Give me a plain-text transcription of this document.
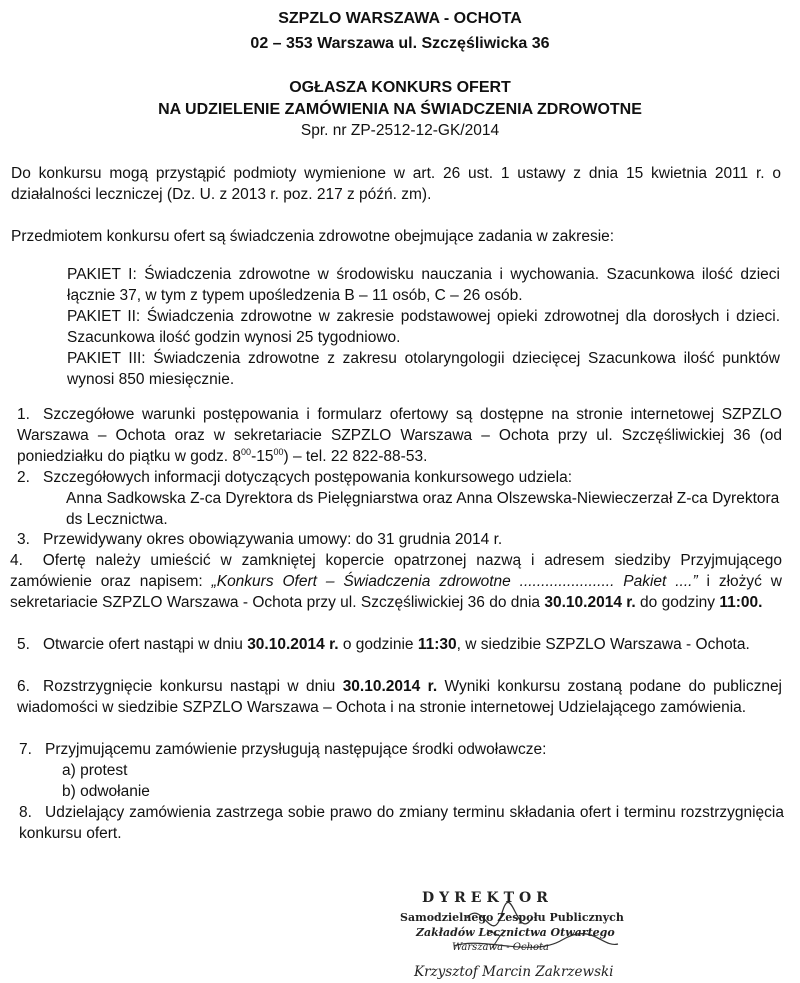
SZPZLO WARSZAWA - OCHOTA
02 – 353 Warszawa ul. Szczęśliwicka 36
OGŁASZA KONKURS OFERT
NA UDZIELENIE ZAMÓWIENIA NA ŚWIADCZENIA ZDROWOTNE
Spr. nr ZP-2512-12-GK/2014
Do konkursu mogą przystąpić podmioty wymienione w art. 26 ust. 1 ustawy z dnia 15 kwietnia 2011 r. o działalności leczniczej (Dz. U. z 2013 r. poz. 217 z późń. zm).
Przedmiotem konkursu ofert są świadczenia zdrowotne obejmujące zadania w zakresie:
PAKIET I: Świadczenia zdrowotne w środowisku nauczania i wychowania. Szacunkowa ilość dzieci łącznie 37, w tym z typem upośledzenia B – 11 osób, C – 26 osób.
PAKIET II: Świadczenia zdrowotne w zakresie podstawowej opieki zdrowotnej dla dorosłych i dzieci. Szacunkowa ilość godzin wynosi 25 tygodniowo.
PAKIET III: Świadczenia zdrowotne z zakresu otolaryngologii dziecięcej Szacunkowa ilość punktów wynosi 850 miesięcznie.
1. Szczegółowe warunki postępowania i formularz ofertowy są dostępne na stronie internetowej SZPZLO Warszawa – Ochota oraz w sekretariacie SZPZLO Warszawa – Ochota przy ul. Szczęśliwickiej 36 (od poniedziałku do piątku w godz. $8^{00}-15^{00}$) – tel. 22 822-88-53.
2. Szczegółowych informacji dotyczących postępowania konkursowego udziela:
Anna Sadkowska Z-ca Dyrektora ds Pielęgniarstwa oraz Anna Olszewska-Niewieczerzał Z-ca Dyrektora ds Lecznictwa.
3. Przewidywany okres obowiązywania umowy: do 31 grudnia 2014 r.
4. Ofertę należy umieścić w zamkniętej kopercie opatrzonej nazwą i adresem siedziby Przyjmującego zamówienie oraz napisem: „Konkurs Ofert – Świadczenia zdrowotne ...................... Pakiet ....” i złożyć w sekretariacie SZPZLO Warszawa - Ochota przy ul. Szczęśliwickiej 36 do dnia 30.10.2014 r. do godziny 11:00.
5. Otwarcie ofert nastąpi w dniu 30.10.2014 r. o godzinie 11:30, w siedzibie SZPZLO Warszawa - Ochota.
6. Rozstrzygnięcie konkursu nastąpi w dniu 30.10.2014 r. Wyniki konkursu zostaną podane do publicznej wiadomości w siedzibie SZPZLO Warszawa – Ochota i na stronie internetowej Udzielającego zamówienia.
7. Przyjmującemu zamówienie przysługują następujące środki odwoławcze:
a) protest
b) odwołanie
8. Udzielający zamówienia zastrzega sobie prawo do zmiany terminu składania ofert i terminu rozstrzygnięcia konkursu ofert.
DYREKTOR
Samodzielnego Zespołu Publicznych
Zakładów Lecznictwa Otwartego
Warszawa - Ochota
Krzysztof Marcin Zakrzewski
